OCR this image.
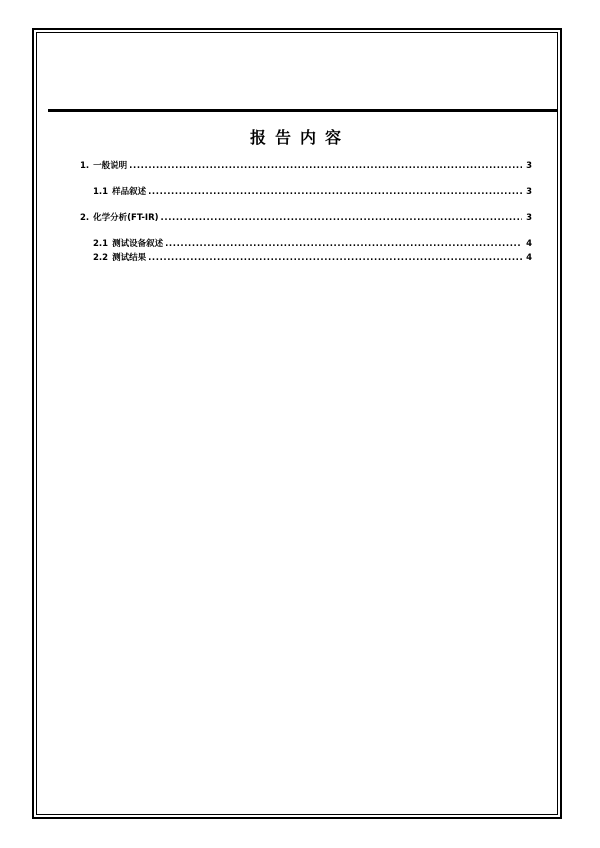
报告内容
1. 一般说明 .....	3
1.1 样品叙述 .....	3
2. 化学分析(FT-IR) .....	3
2.1 测试设备叙述 .....	4
2.2 测试结果 .....	4
